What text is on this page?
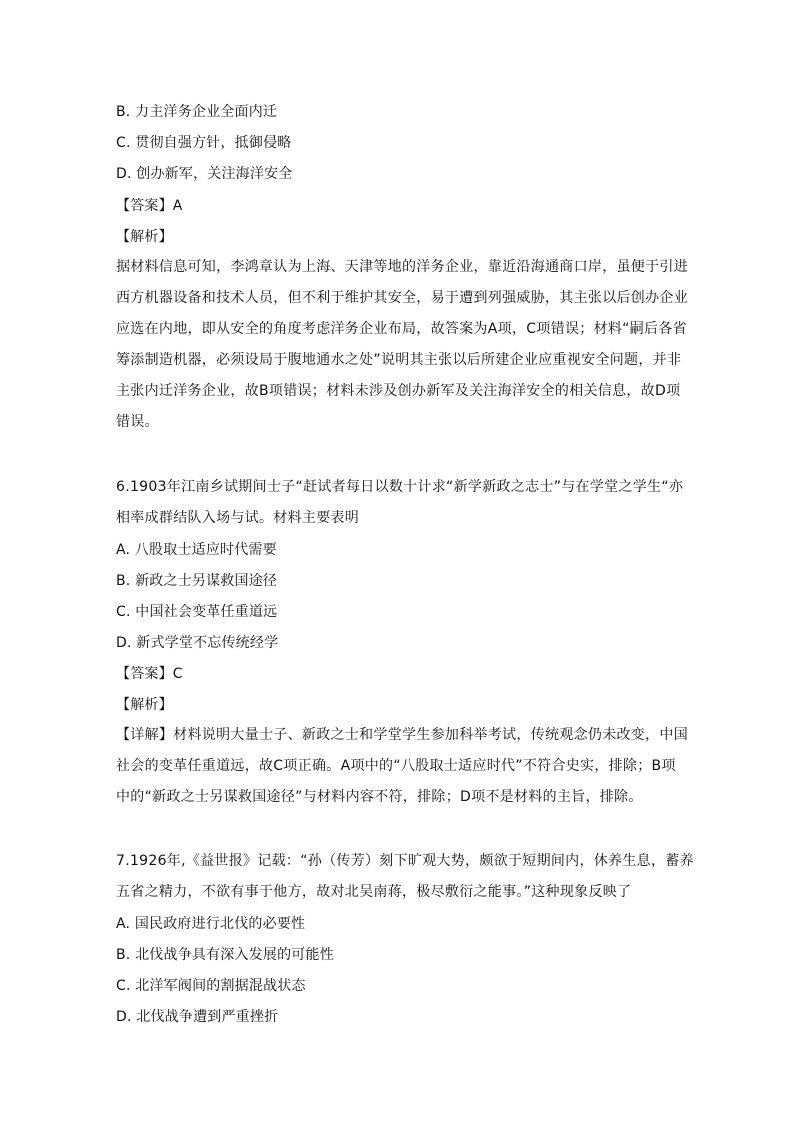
B. 力主洋务企业全面内迁
C. 贯彻自强方针，抵御侵略
D. 创办新军，关注海洋安全
【答案】A
【解析】
据材料信息可知，李鸿章认为上海、天津等地的洋务企业，靠近沿海通商口岸，虽便于引进
西方机器设备和技术人员，但不利于维护其安全，易于遭到列强威胁，其主张以后创办企业
应选在内地，即从安全的角度考虑洋务企业布局，故答案为A项，C项错误；材料“嗣后各省
筹添制造机器，必须设局于腹地通水之处”说明其主张以后所建企业应重视安全问题，并非
主张内迁洋务企业，故B项错误；材料未涉及创办新军及关注海洋安全的相关信息，故D项
错误。
6.1903年江南乡试期间士子“赶试者每日以数十计求“新学新政之志士”与在学堂之学生“亦
相率成群结队入场与试。材料主要表明
A. 八股取士适应时代需要
B. 新政之士另谋救国途径
C. 中国社会变革任重道远
D. 新式学堂不忘传统经学
【答案】C
【解析】
【详解】材料说明大量士子、新政之士和学堂学生参加科举考试，传统观念仍未改变，中国
社会的变革任重道远，故C项正确。A项中的“八股取士适应时代”不符合史实，排除；B项
中的“新政之士另谋救国途径”与材料内容不符，排除；D项不是材料的主旨，排除。
7.1926年,《益世报》记载：“孙（传芳）刻下旷观大势，颇欲于短期间内，休养生息，蓄养
五省之精力，不欲有事于他方，故对北吴南蒋，极尽敷衍之能事。”这种现象反映了
A. 国民政府进行北伐的必要性
B. 北伐战争具有深入发展的可能性
C. 北洋军阀间的割据混战状态
D. 北伐战争遭到严重挫折
